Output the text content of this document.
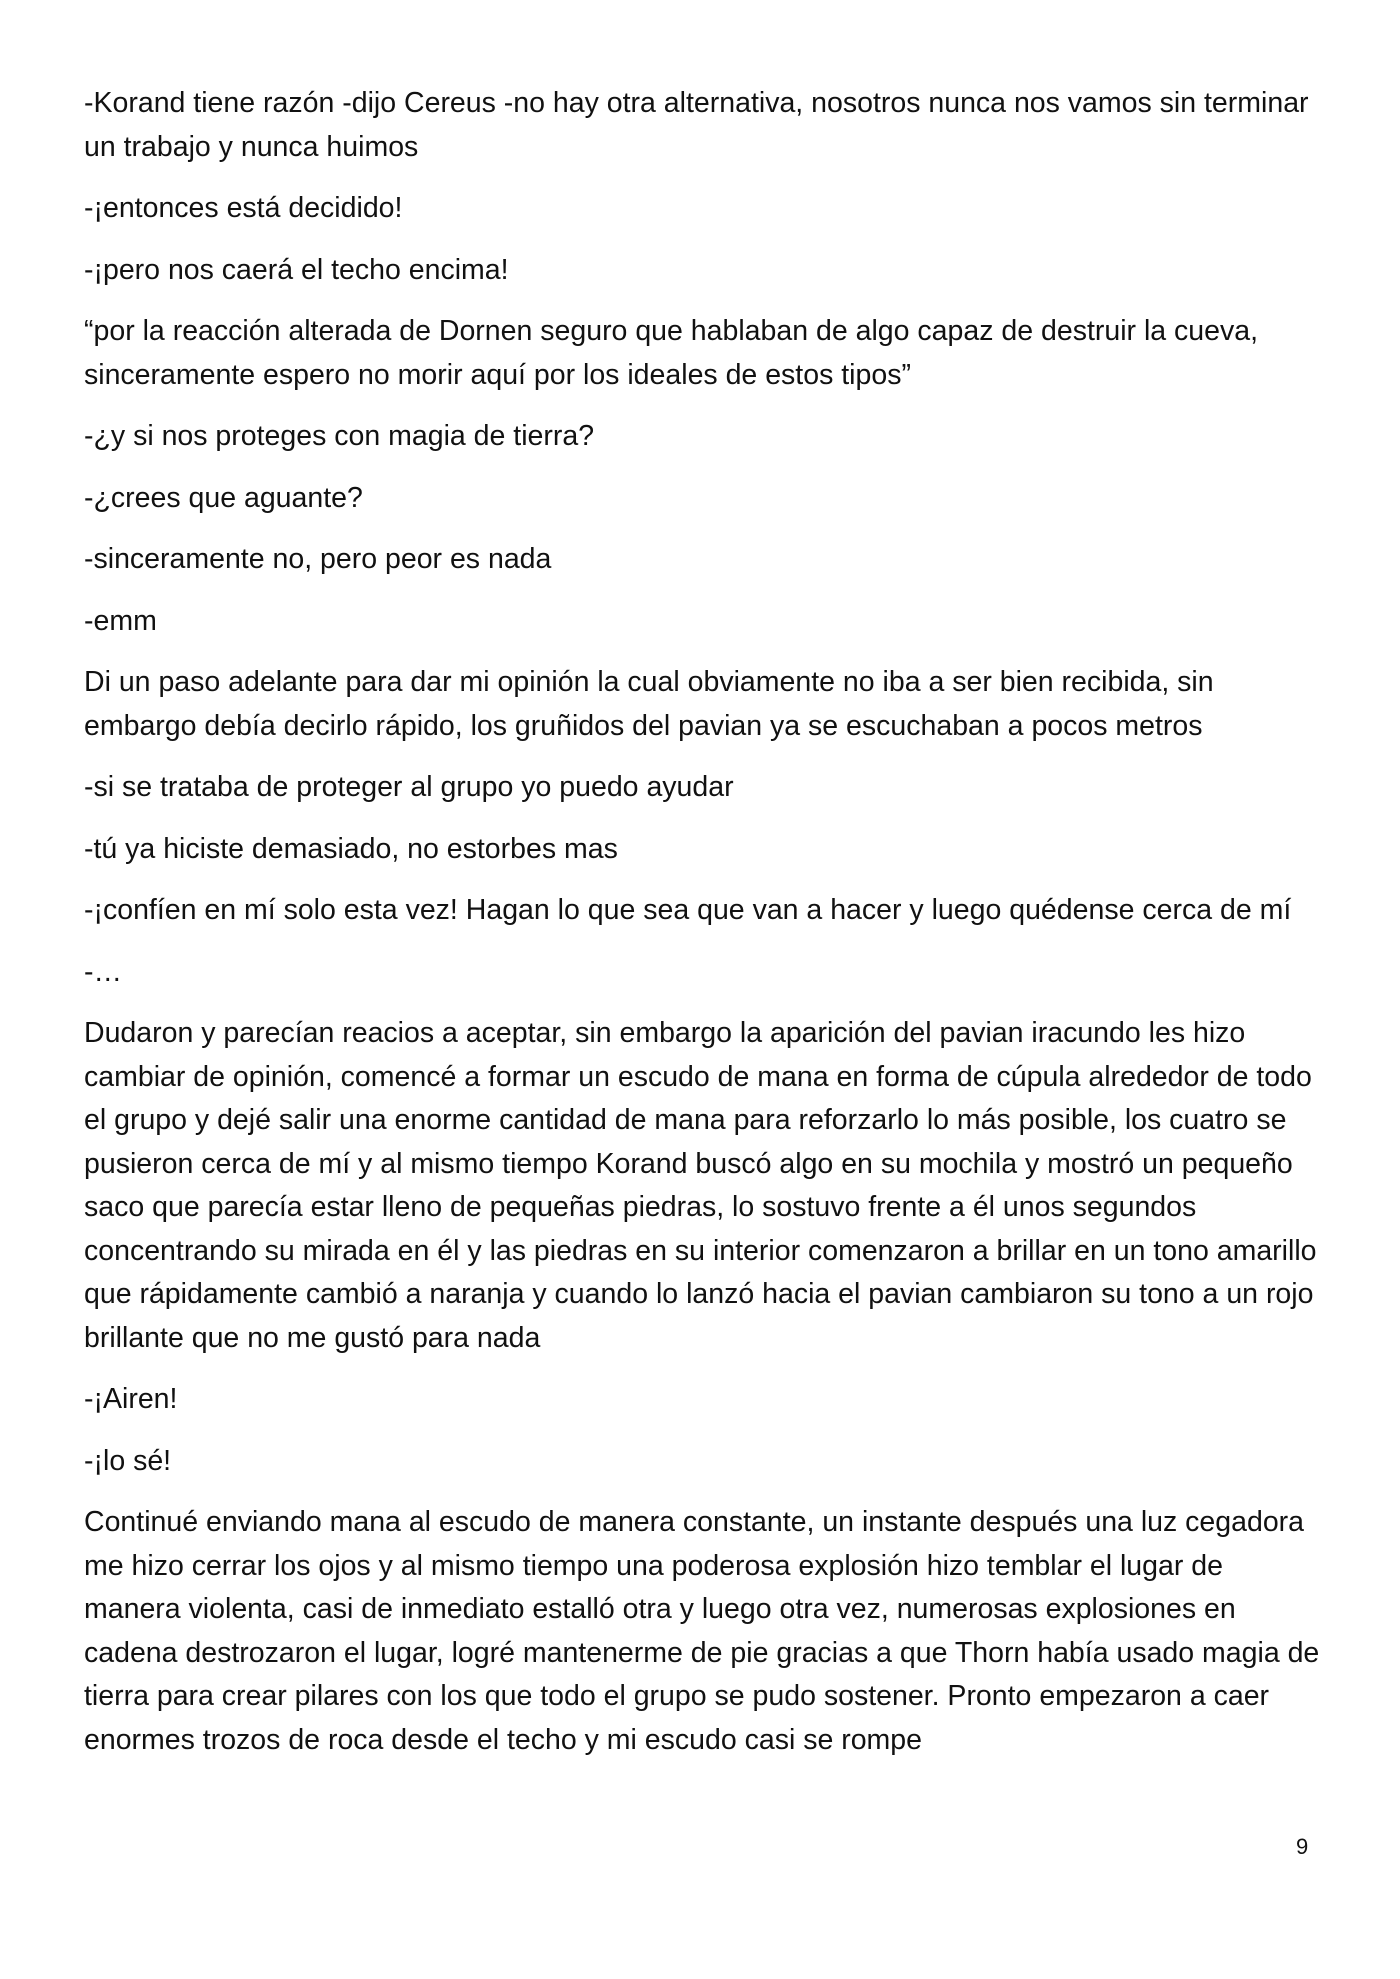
-Korand tiene razón -dijo Cereus -no hay otra alternativa, nosotros nunca nos vamos sin terminar un trabajo y nunca huimos

-¡entonces está decidido!

-¡pero nos caerá el techo encima!

“por la reacción alterada de Dornen seguro que hablaban de algo capaz de destruir la cueva, sinceramente espero no morir aquí por los ideales de estos tipos”

-¿y si nos proteges con magia de tierra?

-¿crees que aguante?

-sinceramente no, pero peor es nada

-emm

Di un paso adelante para dar mi opinión la cual obviamente no iba a ser bien recibida, sin embargo debía decirlo rápido, los gruñidos del pavian ya se escuchaban a pocos metros

-si se trataba de proteger al grupo yo puedo ayudar

-tú ya hiciste demasiado, no estorbes mas

-¡confíen en mí solo esta vez! Hagan lo que sea que van a hacer y luego quédense cerca de mí

-…

Dudaron y parecían reacios a aceptar, sin embargo la aparición del pavian iracundo les hizo cambiar de opinión, comencé a formar un escudo de mana en forma de cúpula alrededor de todo el grupo y dejé salir una enorme cantidad de mana para reforzarlo lo más posible, los cuatro se pusieron cerca de mí y al mismo tiempo Korand buscó algo en su mochila y mostró un pequeño saco que parecía estar lleno de pequeñas piedras, lo sostuvo frente a él unos segundos concentrando su mirada en él y las piedras en su interior comenzaron a brillar en un tono amarillo que rápidamente cambió a naranja y cuando lo lanzó hacia el pavian cambiaron su tono a un rojo brillante que no me gustó para nada

-¡Airen!

-¡lo sé!

Continué enviando mana al escudo de manera constante, un instante después una luz cegadora me hizo cerrar los ojos y al mismo tiempo una poderosa explosión hizo temblar el lugar de manera violenta, casi de inmediato estalló otra y luego otra vez, numerosas explosiones en cadena destrozaron el lugar, logré mantenerme de pie gracias a que Thorn había usado magia de tierra para crear pilares con los que todo el grupo se pudo sostener. Pronto empezaron a caer enormes trozos de roca desde el techo y mi escudo casi se rompe

9
